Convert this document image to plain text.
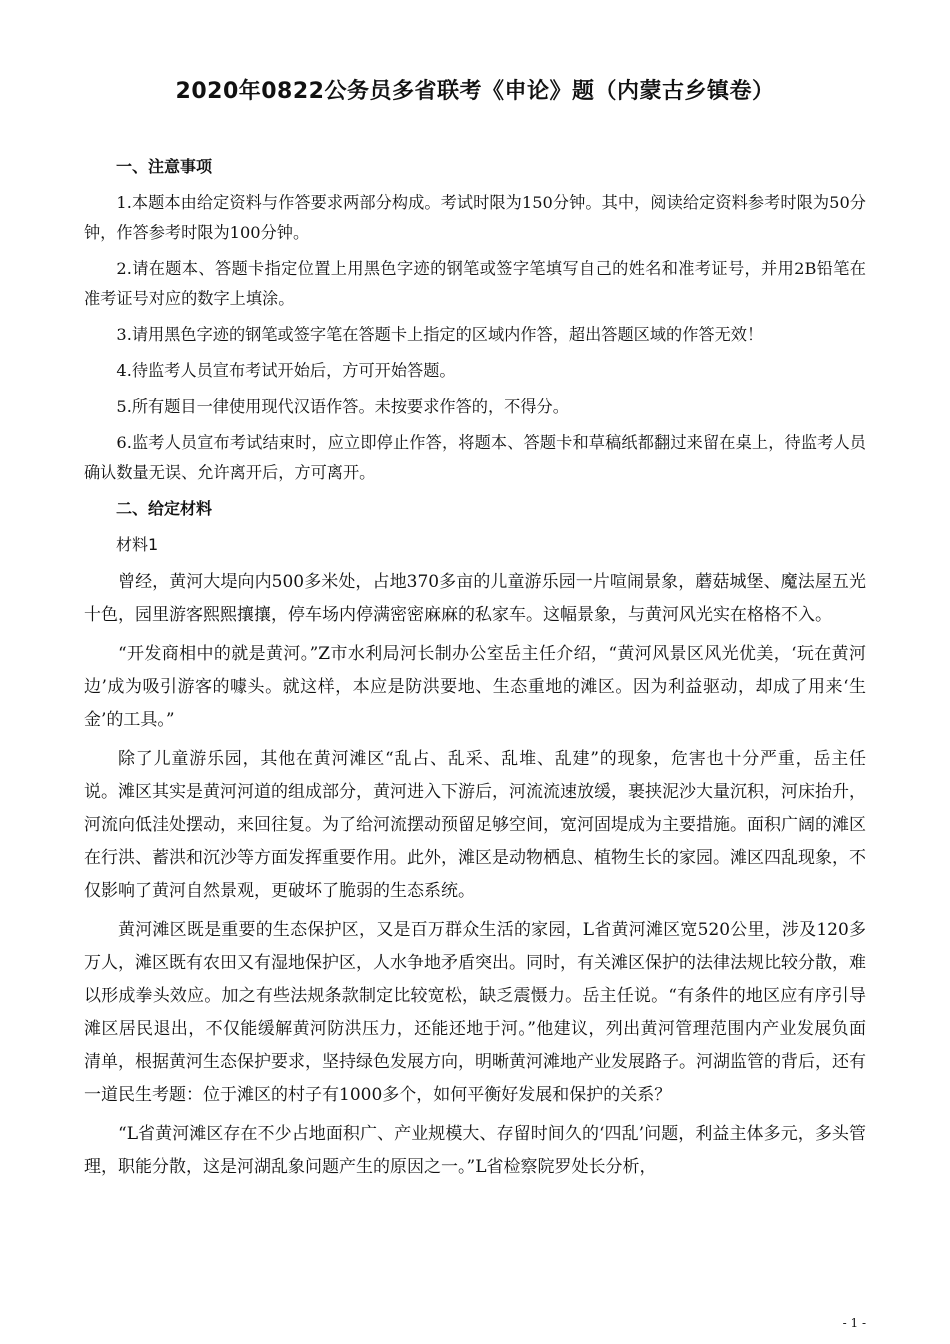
2020年0822公务员多省联考《申论》题（内蒙古乡镇卷）

一、注意事项

1.本题本由给定资料与作答要求两部分构成。考试时限为150分钟。其中，阅读给定资料参考时限为50分钟，作答参考时限为100分钟。

2.请在题本、答题卡指定位置上用黑色字迹的钢笔或签字笔填写自己的姓名和准考证号，并用2B铅笔在准考证号对应的数字上填涂。

3.请用黑色字迹的钢笔或签字笔在答题卡上指定的区域内作答，超出答题区域的作答无效！

4.待监考人员宣布考试开始后，方可开始答题。

5.所有题目一律使用现代汉语作答。未按要求作答的，不得分。

6.监考人员宣布考试结束时，应立即停止作答，将题本、答题卡和草稿纸都翻过来留在桌上，待监考人员确认数量无误、允许离开后，方可离开。

二、给定材料

材料1

曾经，黄河大堤向内500多米处，占地370多亩的儿童游乐园一片喧闹景象，蘑菇城堡、魔法屋五光十色，园里游客熙熙攘攘，停车场内停满密密麻麻的私家车。这幅景象，与黄河风光实在格格不入。

“开发商相中的就是黄河。”Z市水利局河长制办公室岳主任介绍，“黄河风景区风光优美，‘玩在黄河边’成为吸引游客的噱头。就这样，本应是防洪要地、生态重地的滩区。因为利益驱动，却成了用来‘生金’的工具。”

除了儿童游乐园，其他在黄河滩区“乱占、乱采、乱堆、乱建”的现象，危害也十分严重，岳主任说。滩区其实是黄河河道的组成部分，黄河进入下游后，河流流速放缓，裹挟泥沙大量沉积，河床抬升，河流向低洼处摆动，来回往复。为了给河流摆动预留足够空间，宽河固堤成为主要措施。面积广阔的滩区在行洪、蓄洪和沉沙等方面发挥重要作用。此外，滩区是动物栖息、植物生长的家园。滩区四乱现象，不仅影响了黄河自然景观，更破坏了脆弱的生态系统。

黄河滩区既是重要的生态保护区，又是百万群众生活的家园，L省黄河滩区宽520公里，涉及120多万人，滩区既有农田又有湿地保护区，人水争地矛盾突出。同时，有关滩区保护的法律法规比较分散，难以形成拳头效应。加之有些法规条款制定比较宽松，缺乏震慑力。岳主任说。“有条件的地区应有序引导滩区居民退出，不仅能缓解黄河防洪压力，还能还地于河。”他建议，列出黄河管理范围内产业发展负面清单，根据黄河生态保护要求，坚持绿色发展方向，明晰黄河滩地产业发展路子。河湖监管的背后，还有一道民生考题：位于滩区的村子有1000多个，如何平衡好发展和保护的关系？

“L省黄河滩区存在不少占地面积广、产业规模大、存留时间久的‘四乱’问题，利益主体多元，多头管理，职能分散，这是河湖乱象问题产生的原因之一。”L省检察院罗处长分析，

- 1 -
